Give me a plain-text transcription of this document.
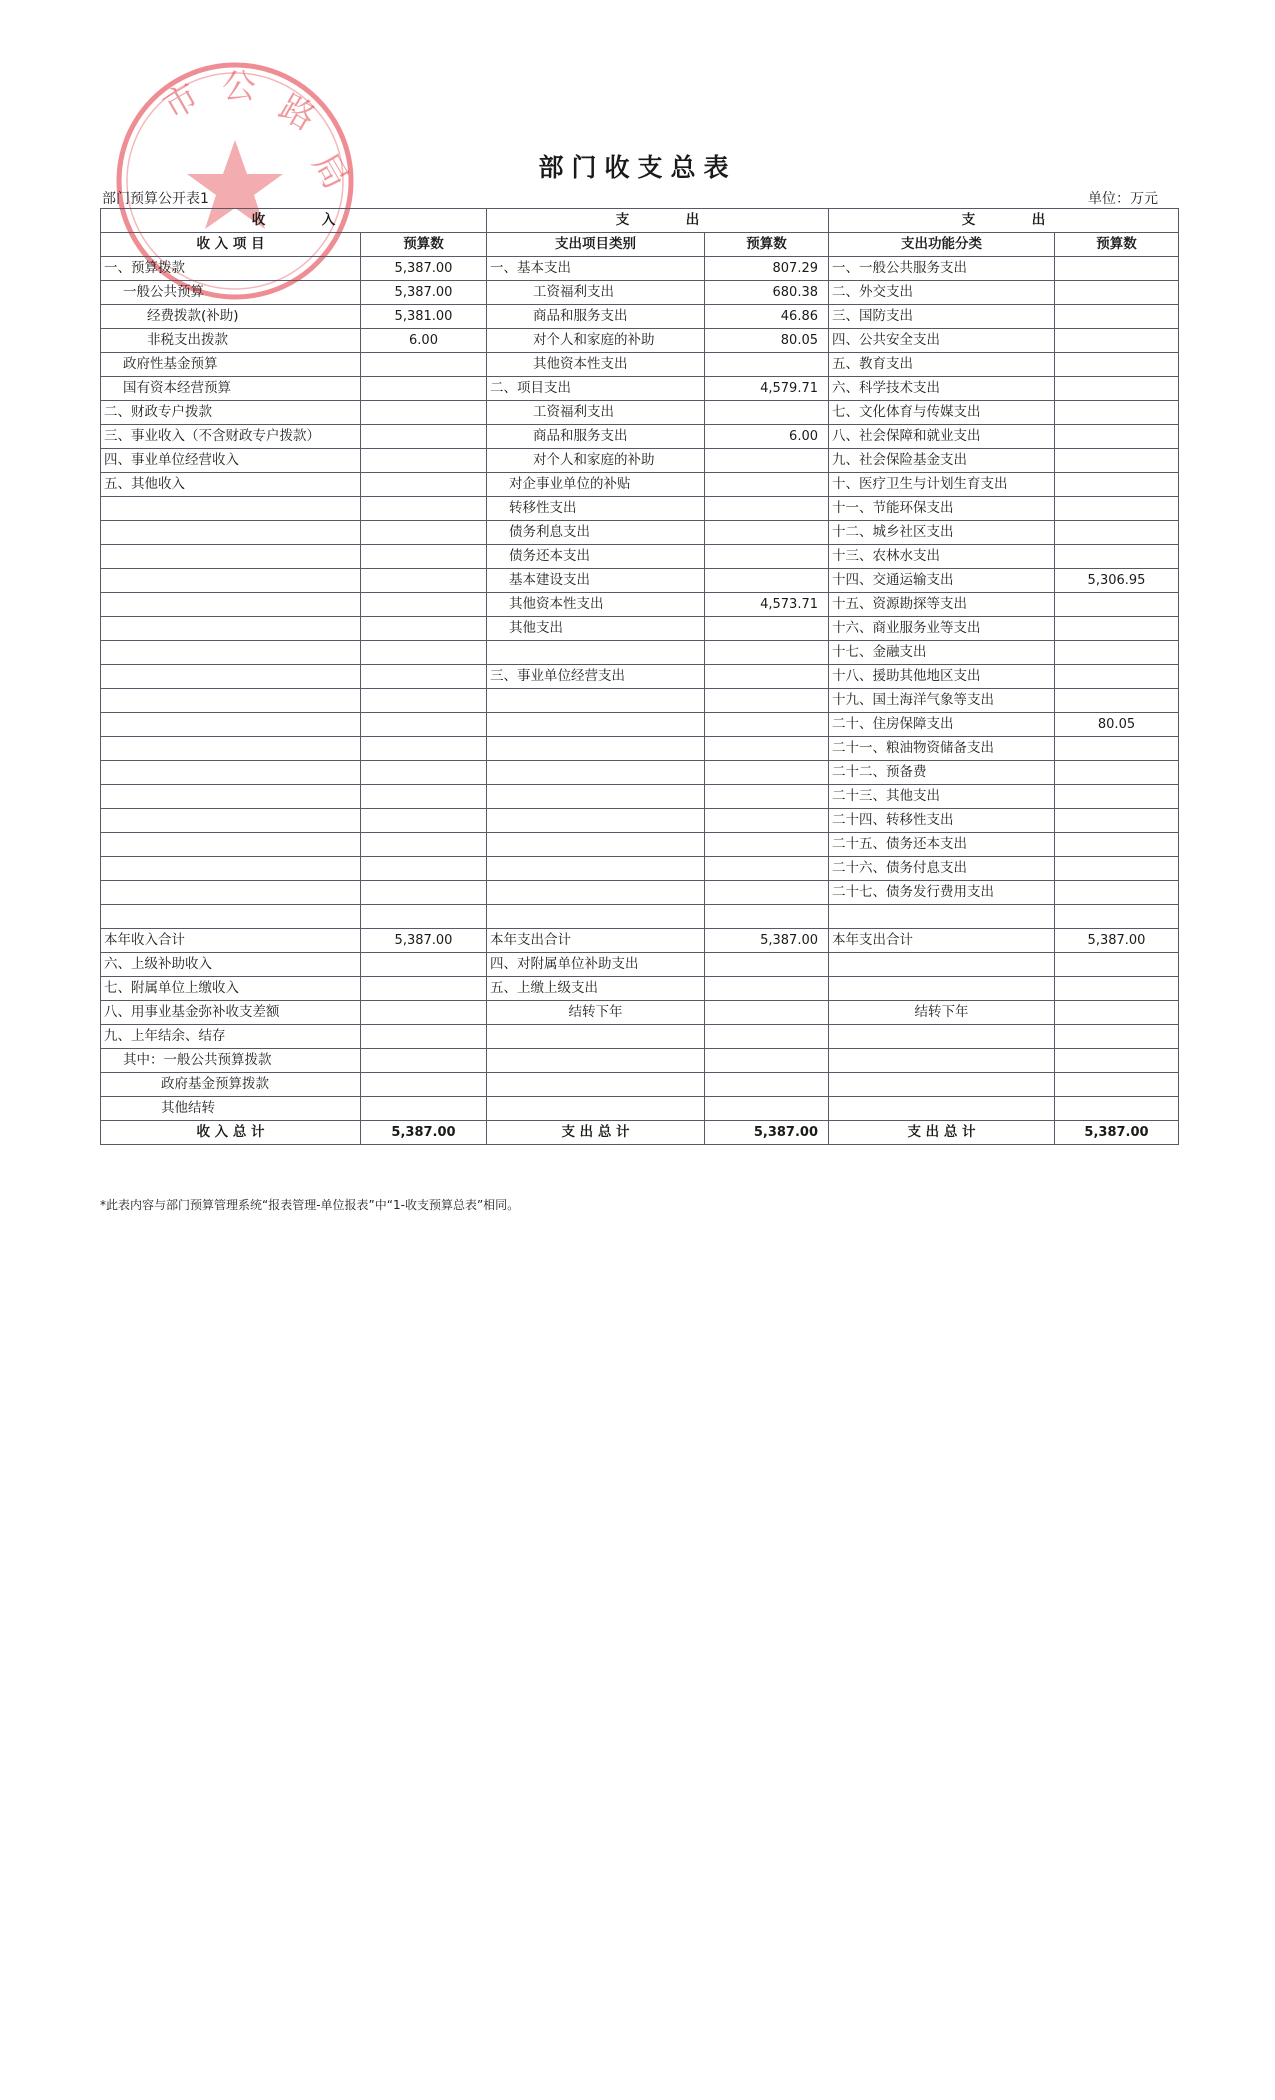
市 公
路
局	部门收支总表
部门预算公开表1	单位：万元
收            入		支            出		支            出	
收 入 项 目	预算数	支出项目类别	预算数	支出功能分类	预算数
一、预算拨款	5,387.00	一、基本支出	807.29	一、一般公共服务支出	
一般公共预算	5,387.00	工资福利支出	680.38	二、外交支出	
经费拨款(补助)	5,381.00	商品和服务支出	46.86	三、国防支出	
非税支出拨款	6.00	对个人和家庭的补助	80.05	四、公共安全支出	
政府性基金预算		其他资本性支出		五、教育支出	
国有资本经营预算		二、项目支出	4,579.71	六、科学技术支出	
二、财政专户拨款		工资福利支出		七、文化体育与传媒支出	
三、事业收入（不含财政专户拨款）		商品和服务支出	6.00	八、社会保障和就业支出	
四、事业单位经营收入		对个人和家庭的补助		九、社会保险基金支出	
五、其他收入		对企事业单位的补贴		十、医疗卫生与计划生育支出	
		转移性支出		十一、节能环保支出	
		债务利息支出		十二、城乡社区支出	
		债务还本支出		十三、农林水支出	
		基本建设支出		十四、交通运输支出	5,306.95
		其他资本性支出	4,573.71	十五、资源勘探等支出	
		其他支出		十六、商业服务业等支出	
				十七、金融支出	
		三、事业单位经营支出		十八、援助其他地区支出	
				十九、国土海洋气象等支出	
				二十、住房保障支出	80.05
				二十一、粮油物资储备支出	
				二十二、预备费	
				二十三、其他支出	
				二十四、转移性支出	
				二十五、债务还本支出	
				二十六、债务付息支出	
				二十七、债务发行费用支出	

本年收入合计	5,387.00	本年支出合计	5,387.00	本年支出合计	5,387.00
六、上级补助收入		四、对附属单位补助支出			
七、附属单位上缴收入		五、上缴上级支出			
八、用事业基金弥补收支差额		结转下年		结转下年	
九、上年结余、结存					
其中：一般公共预算拨款					
政府基金预算拨款					
其他结转					
收 入 总 计	5,387.00	支 出 总 计	5,387.00	支 出 总 计	5,387.00
*此表内容与部门预算管理系统“报表管理-单位报表”中“1-收支预算总表”相同。
